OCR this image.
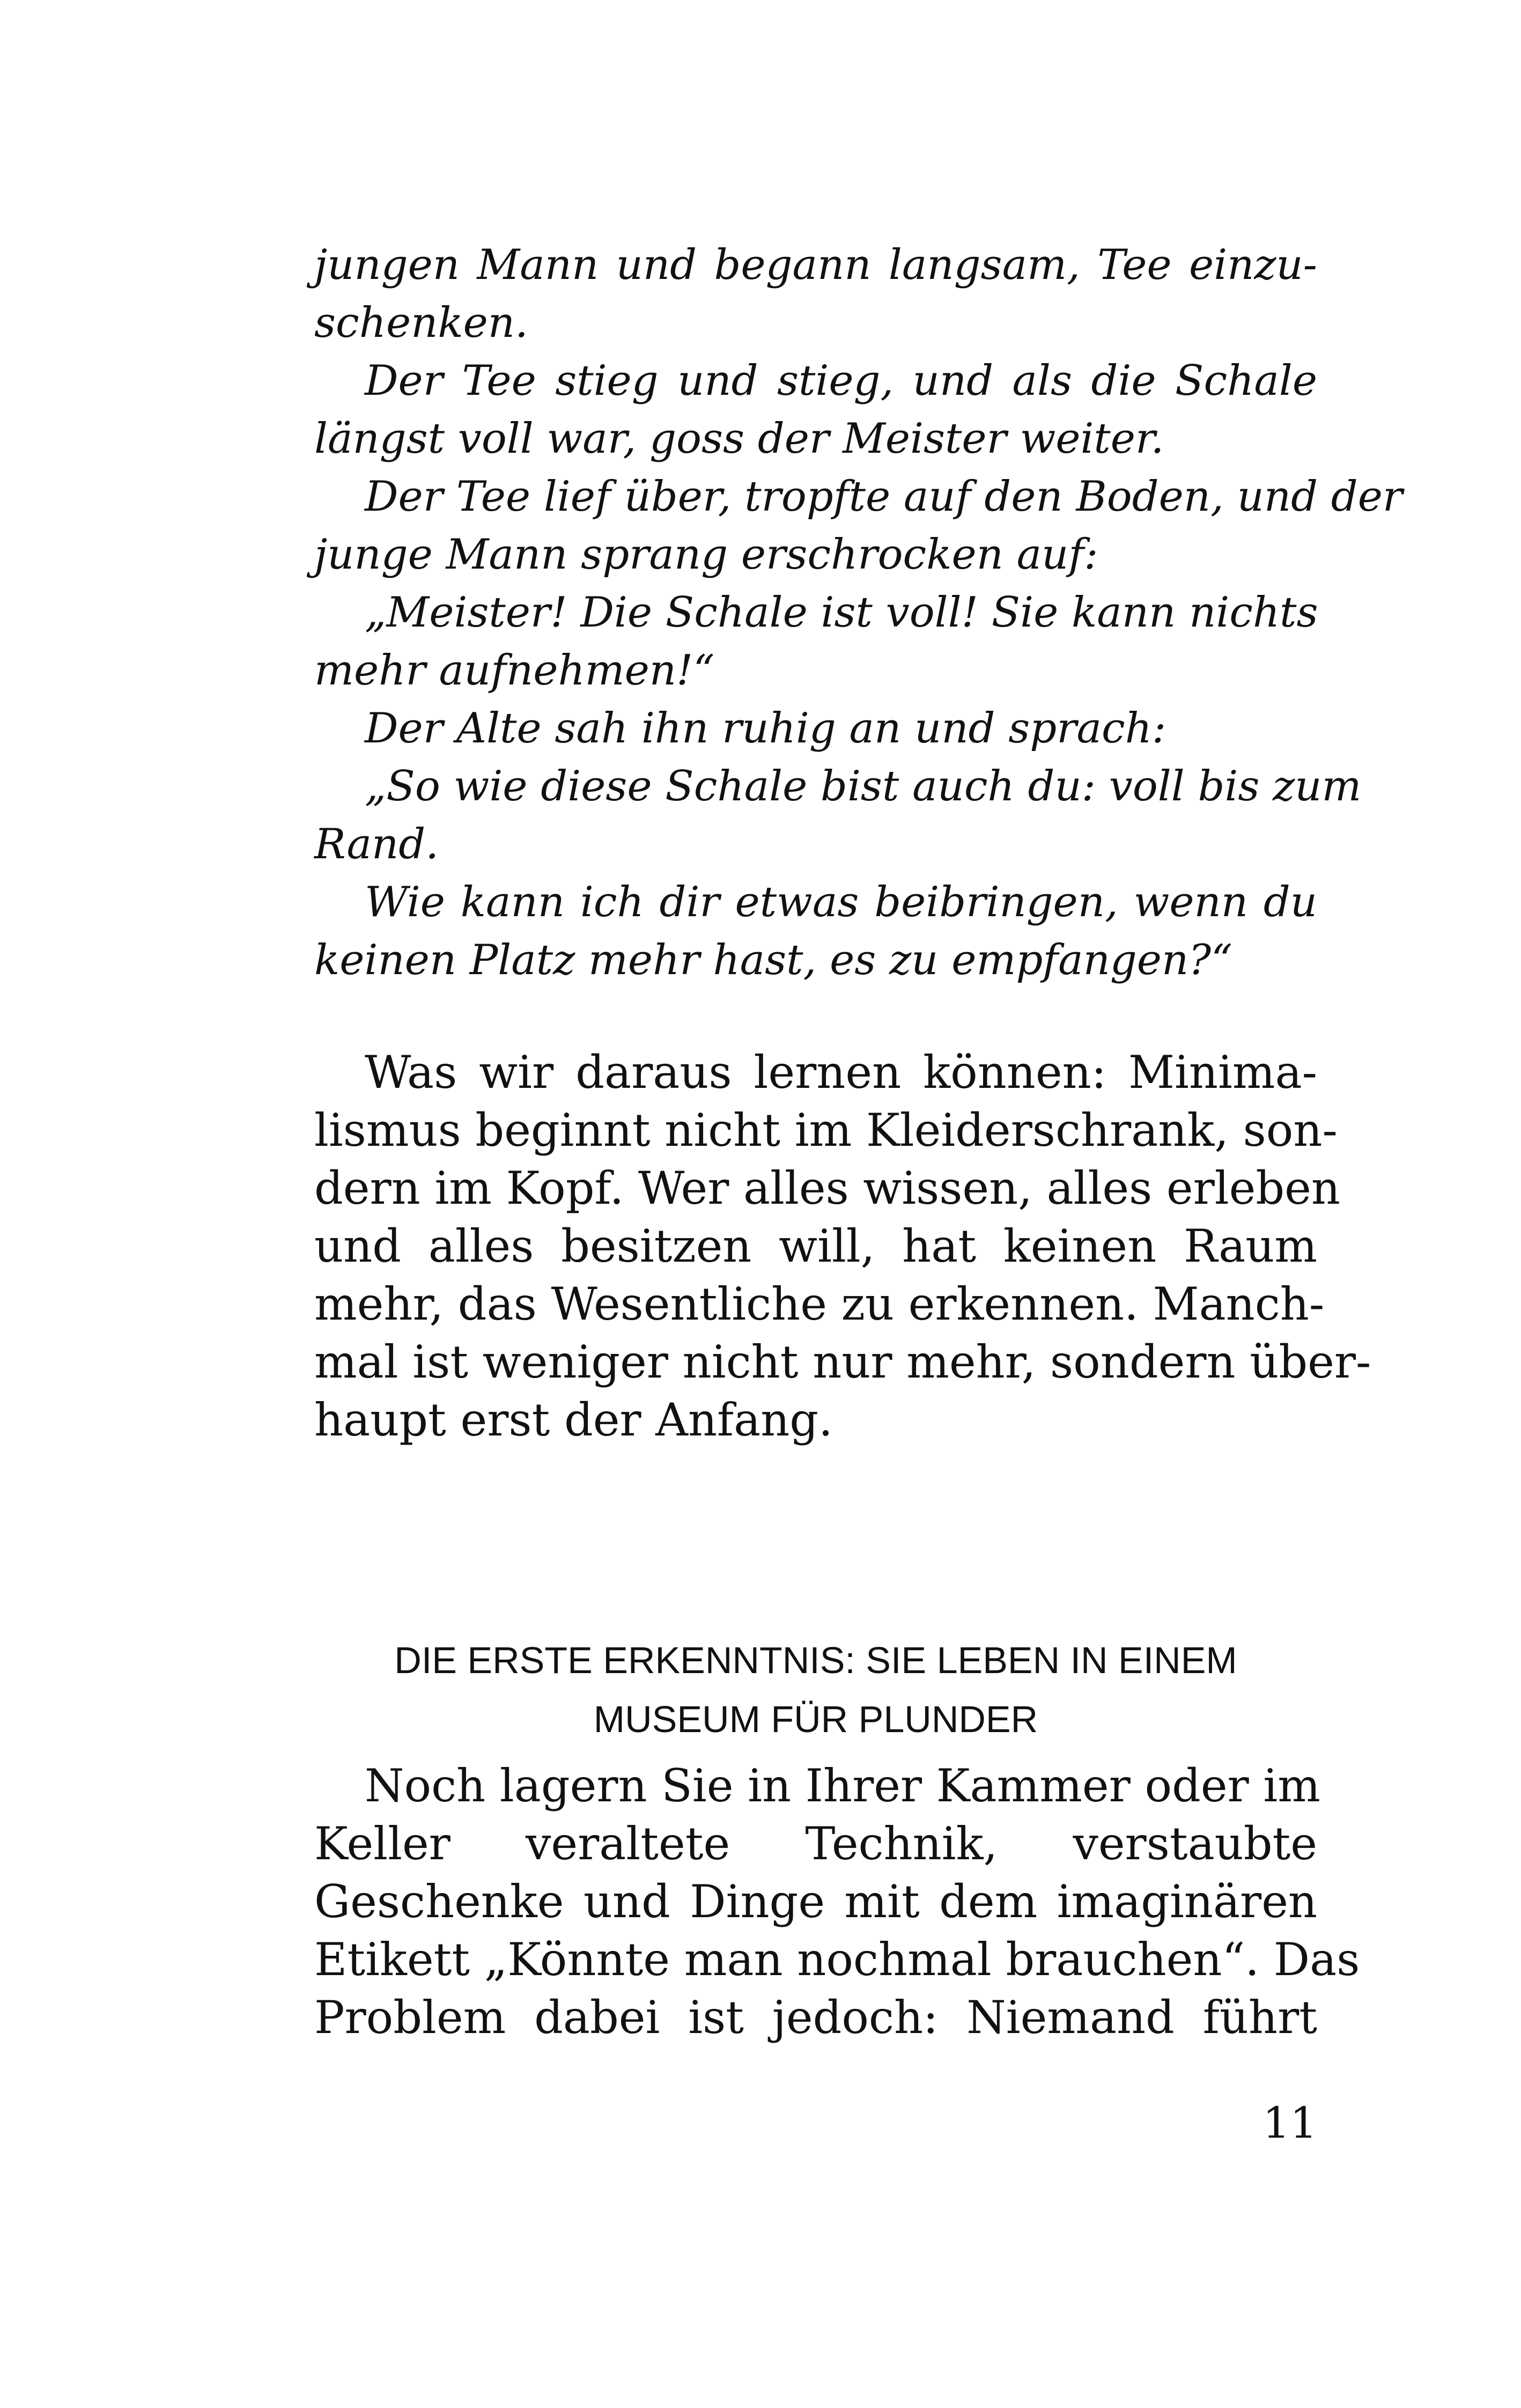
jungen Mann und begann langsam, Tee einzu-
schenken.
Der Tee stieg und stieg, und als die Schale
längst voll war, goss der Meister weiter.
Der Tee lief über, tropfte auf den Boden, und der
junge Mann sprang erschrocken auf:
„Meister! Die Schale ist voll! Sie kann nichts
mehr aufnehmen!“
Der Alte sah ihn ruhig an und sprach:
„So wie diese Schale bist auch du: voll bis zum
Rand.
Wie kann ich dir etwas beibringen, wenn du
keinen Platz mehr hast, es zu empfangen?“
Was wir daraus lernen können: Minima-
lismus beginnt nicht im Kleiderschrank, son-
dern im Kopf. Wer alles wissen, alles erleben
und alles besitzen will, hat keinen Raum
mehr, das Wesentliche zu erkennen. Manch-
mal ist weniger nicht nur mehr, sondern über-
haupt erst der Anfang.
DIE ERSTE ERKENNTNIS: SIE LEBEN IN EINEM
MUSEUM FÜR PLUNDER
Noch lagern Sie in Ihrer Kammer oder im
Keller veraltete Technik, verstaubte
Geschenke und Dinge mit dem imaginären
Etikett „Könnte man nochmal brauchen“. Das
Problem dabei ist jedoch: Niemand führt
11
